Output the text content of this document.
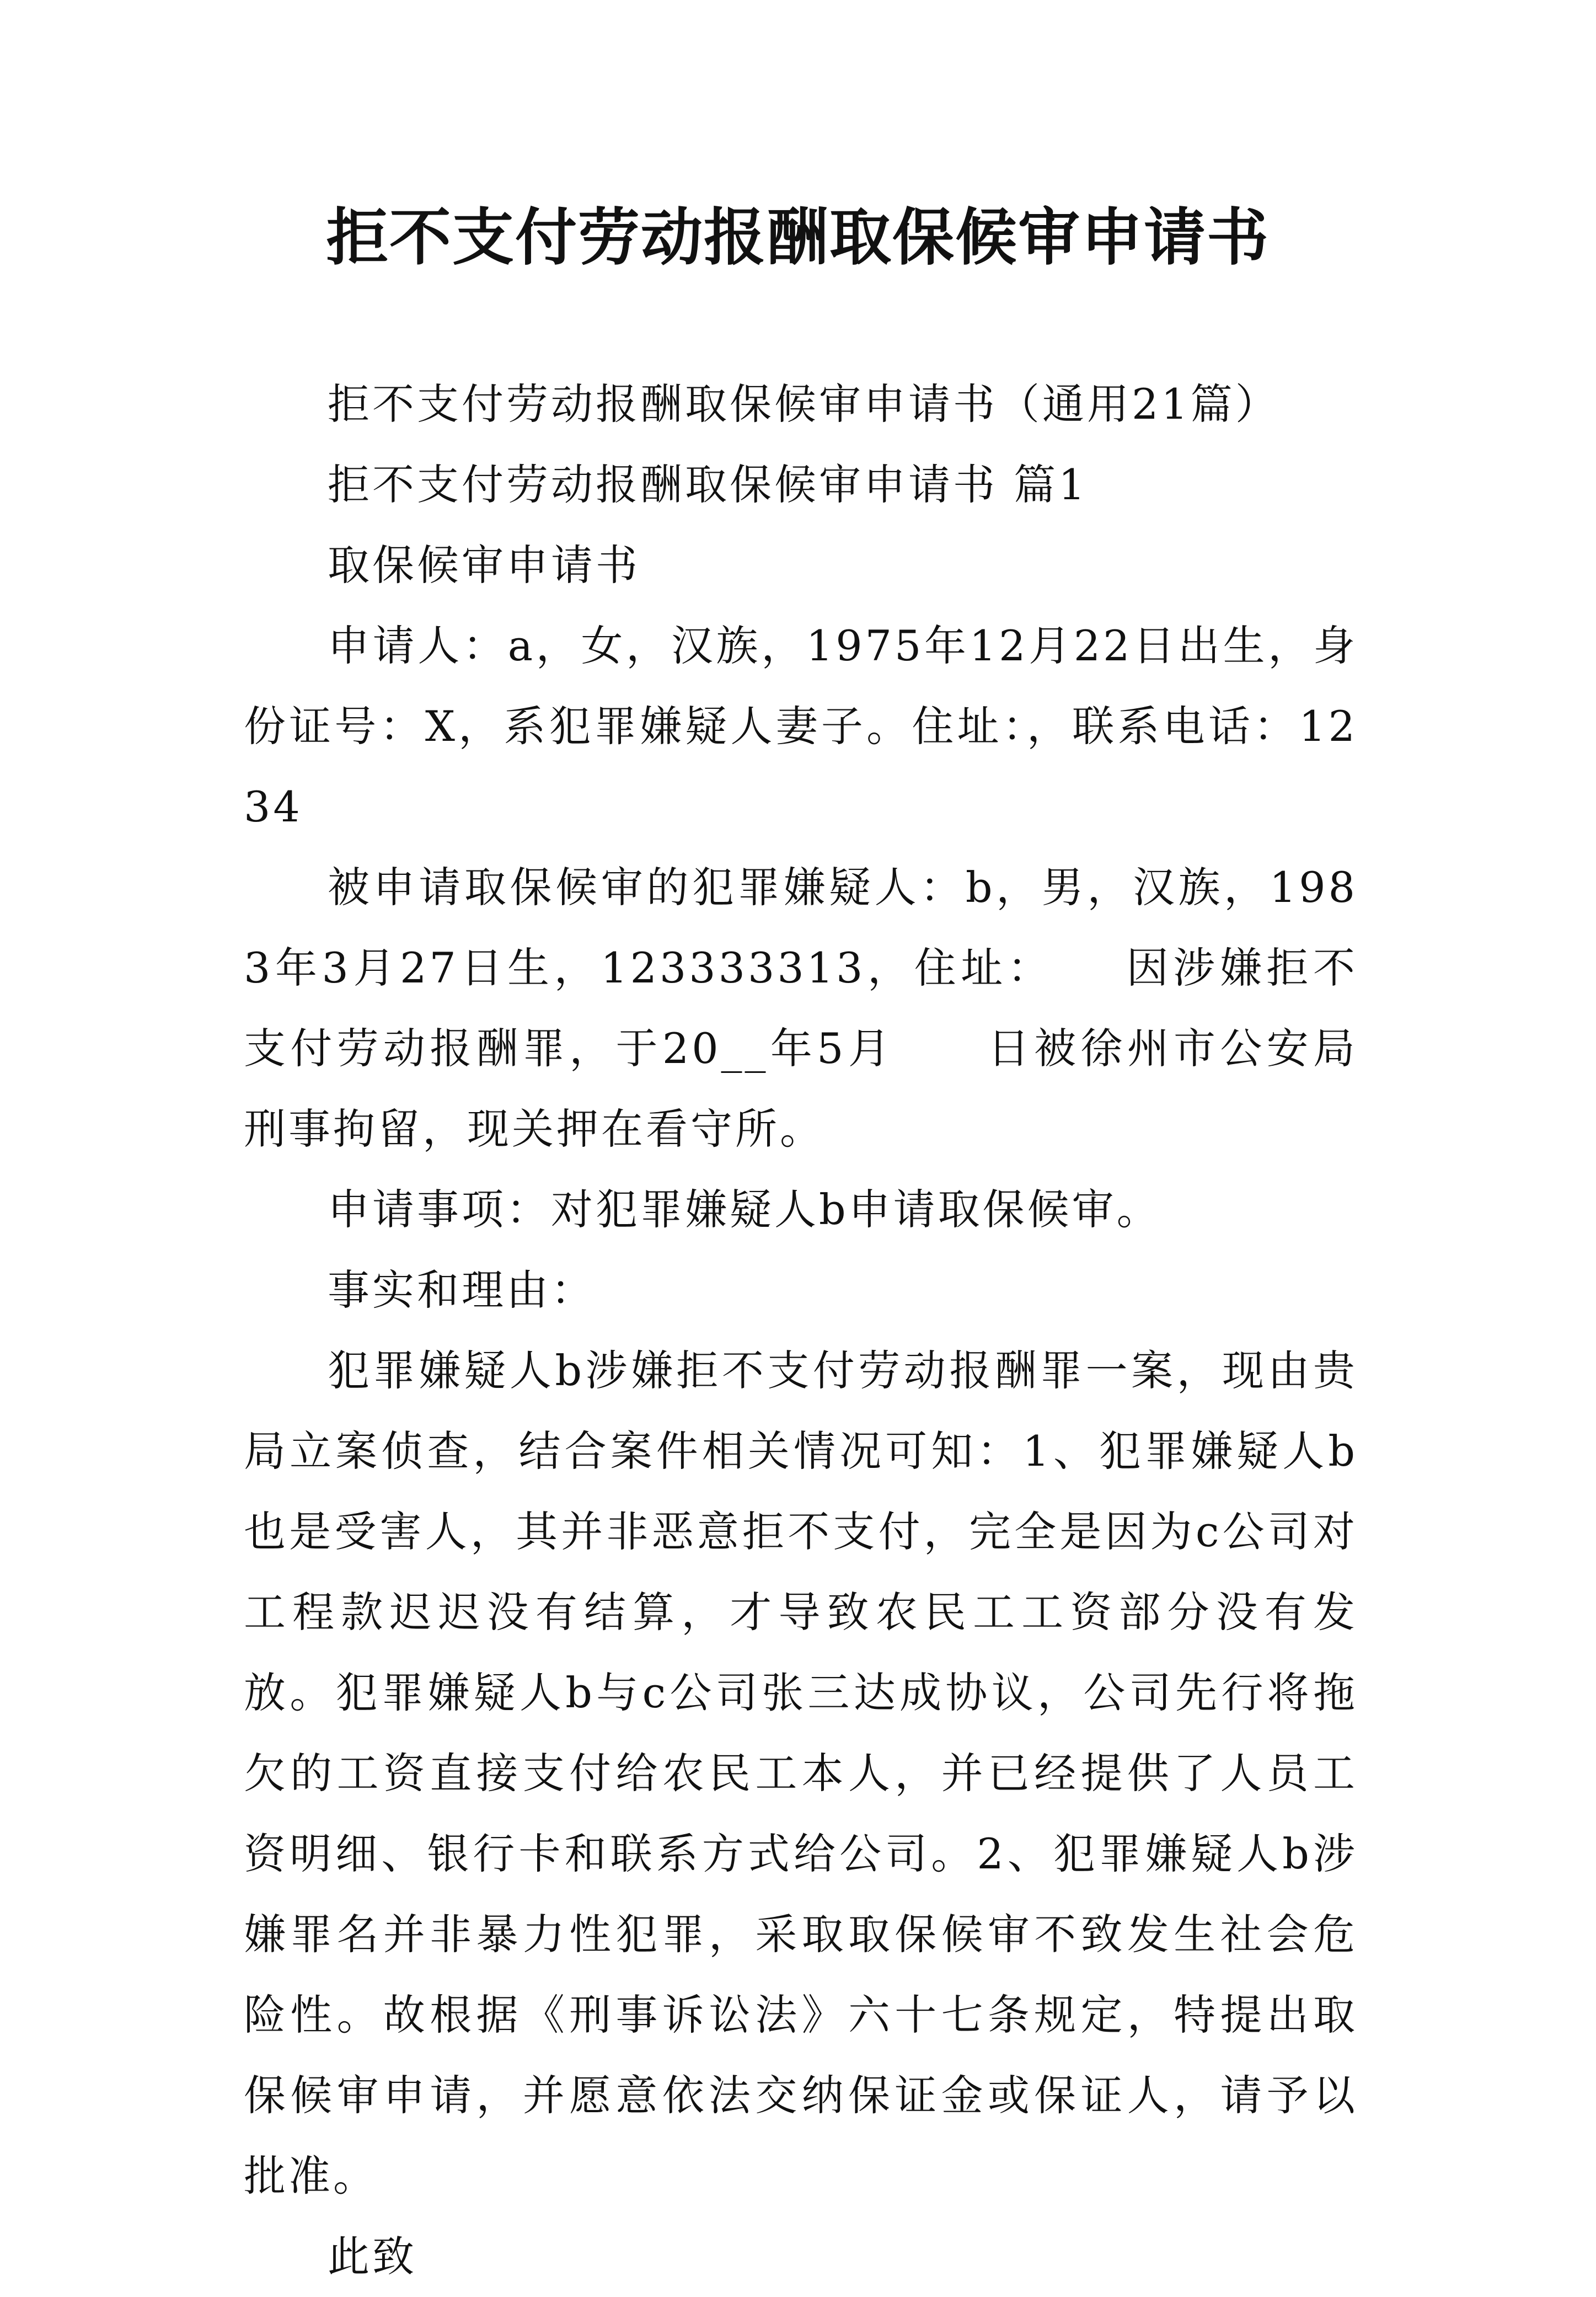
拒不支付劳动报酬取保候审申请书

拒不支付劳动报酬取保候审申请书（通用21篇）

拒不支付劳动报酬取保候审申请书 篇1

取保候审申请书

申请人：a，女，汉族，1975年12月22日出生，身份证号：X，系犯罪嫌疑人妻子。住址：，联系电话：1234

被申请取保候审的犯罪嫌疑人：b，男，汉族，1983年3月27日生，123333313，住址：　　因涉嫌拒不支付劳动报酬罪，于20__年5月　　日被徐州市公安局刑事拘留，现关押在看守所。

申请事项：对犯罪嫌疑人b申请取保候审。

事实和理由：

犯罪嫌疑人b涉嫌拒不支付劳动报酬罪一案，现由贵局立案侦查，结合案件相关情况可知：1、犯罪嫌疑人b也是受害人，其并非恶意拒不支付，完全是因为c公司对工程款迟迟没有结算，才导致农民工工资部分没有发放。犯罪嫌疑人b与c公司张三达成协议，公司先行将拖欠的工资直接支付给农民工本人，并已经提供了人员工资明细、银行卡和联系方式给公司。2、犯罪嫌疑人b涉嫌罪名并非暴力性犯罪，采取取保候审不致发生社会危险性。故根据《刑事诉讼法》六十七条规定，特提出取保候审申请，并愿意依法交纳保证金或保证人，请予以批准。

此致
